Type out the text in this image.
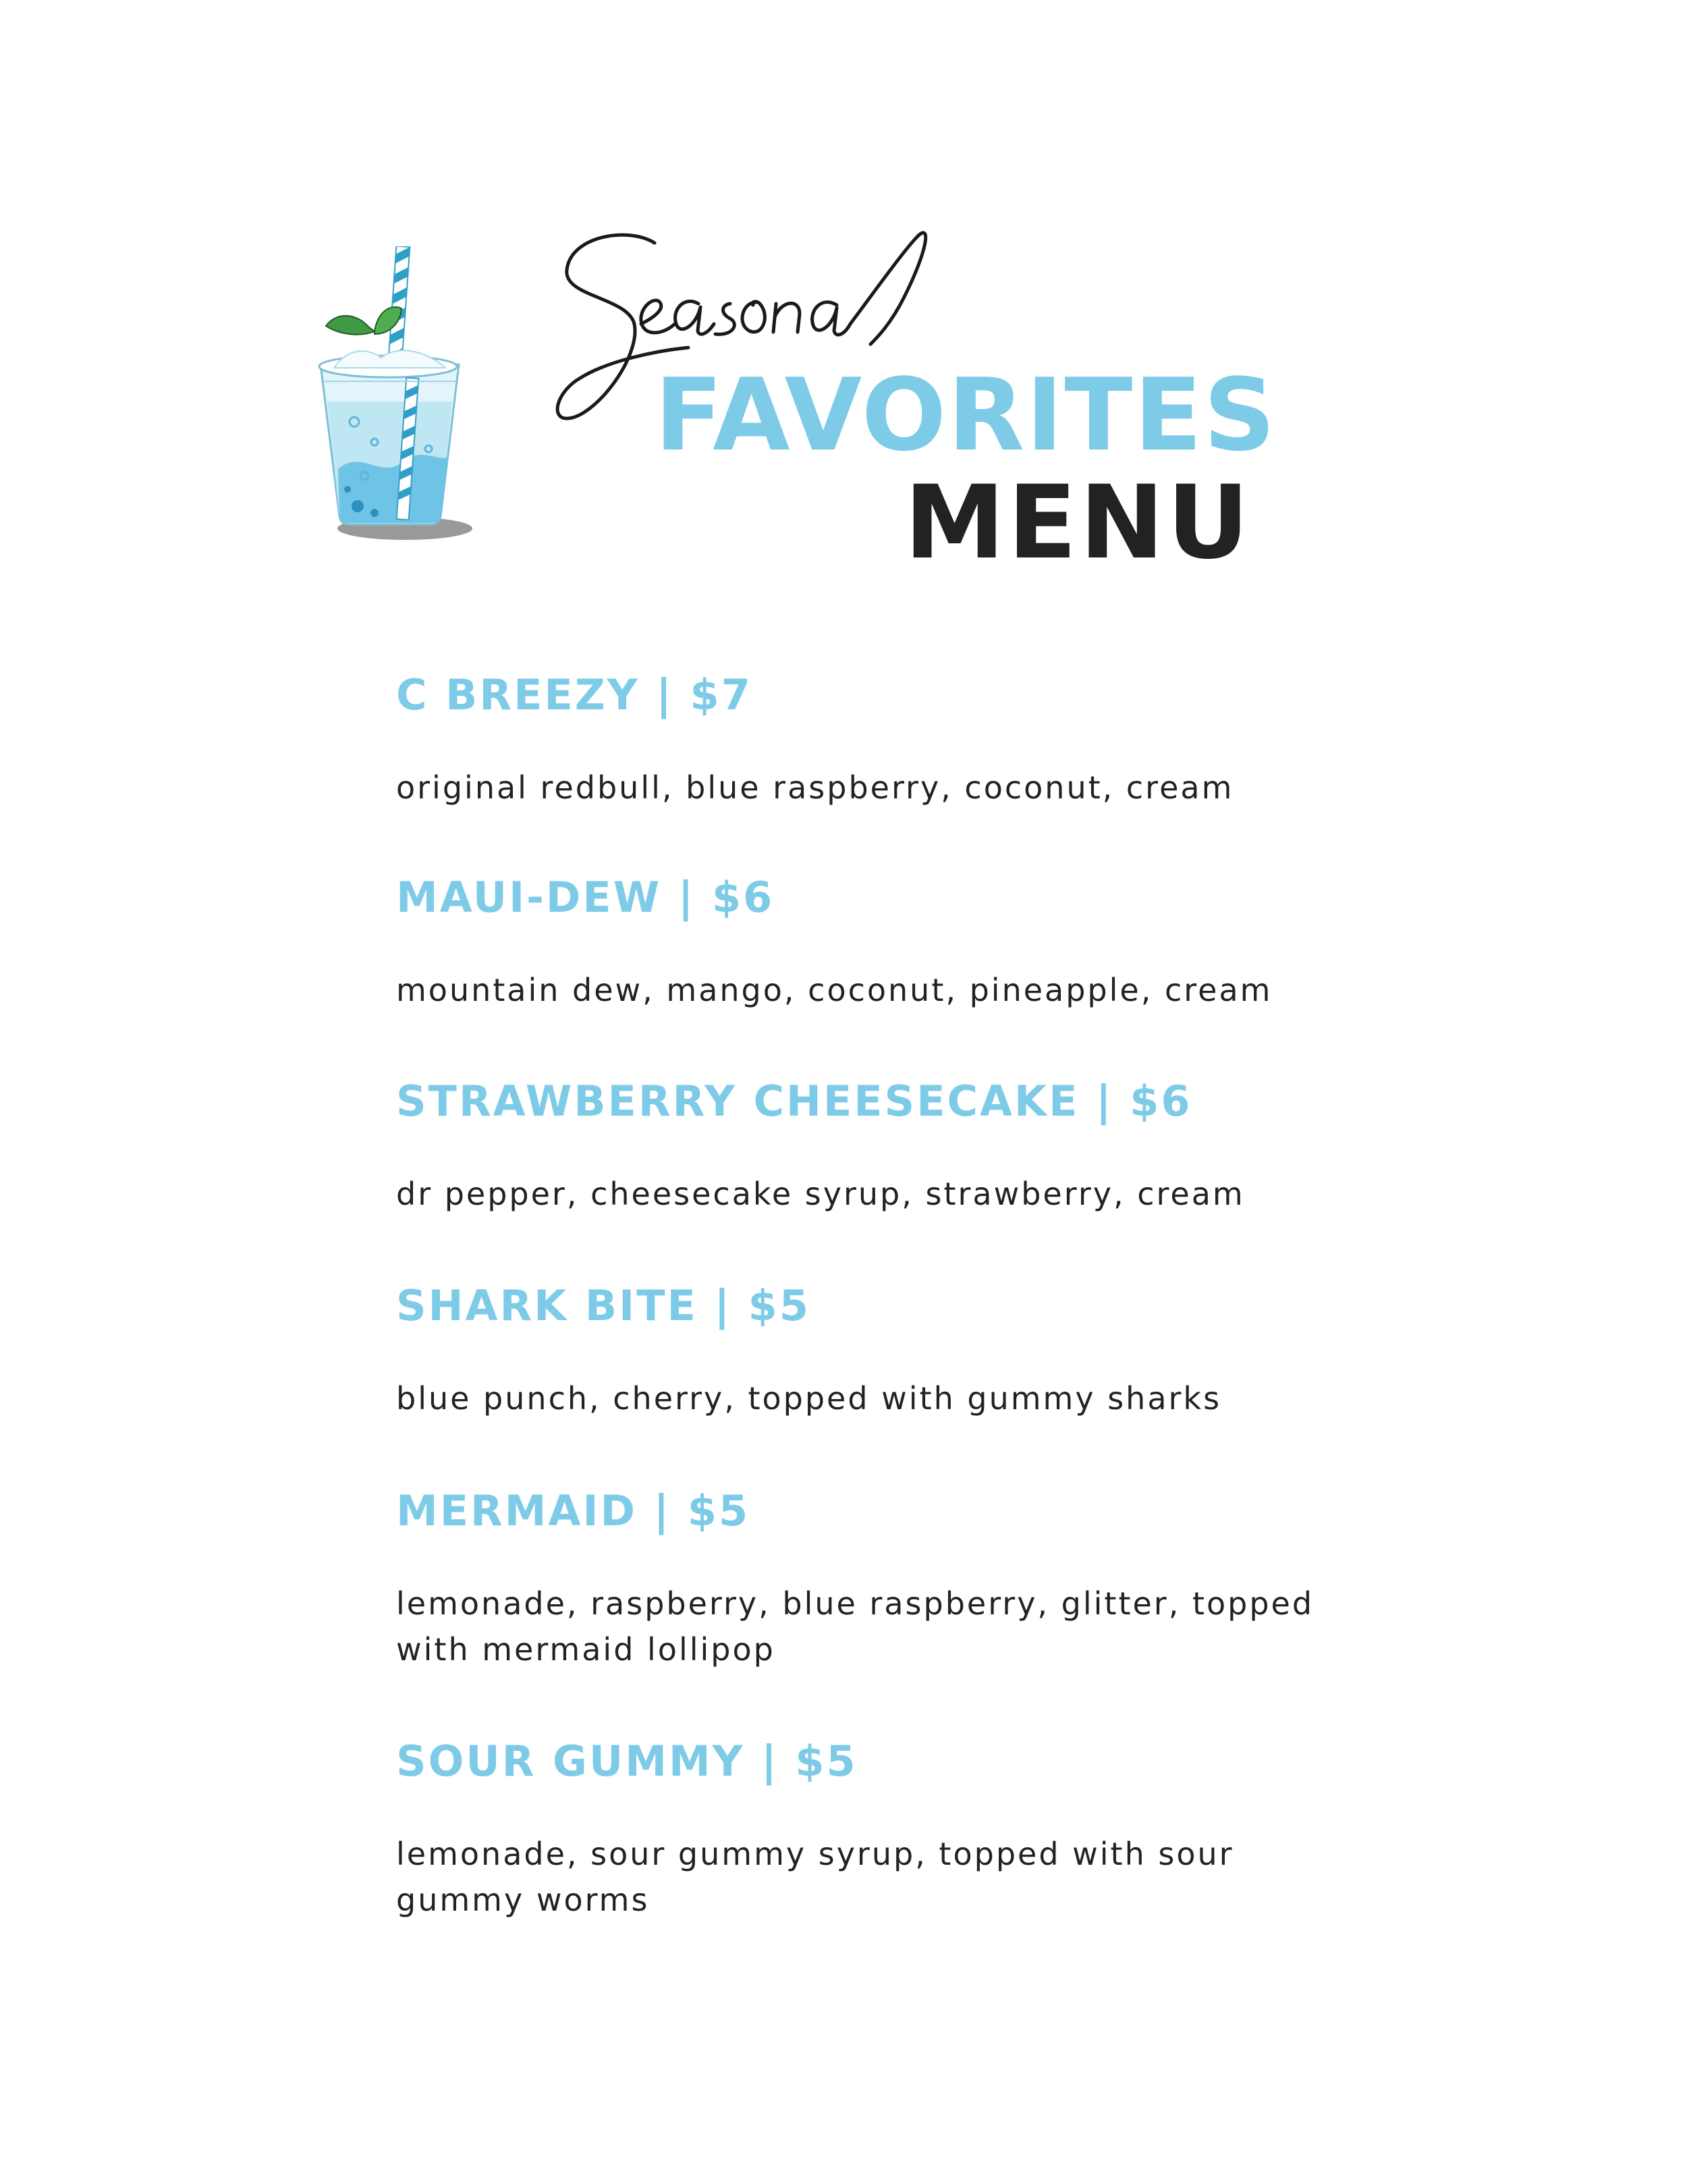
FAVORITES

MENU

C BREEZY | $7

original redbull, blue raspberry, coconut, cream

MAUI-DEW | $6

mountain dew, mango, coconut, pineapple, cream

STRAWBERRY CHEESECAKE | $6

dr pepper, cheesecake syrup, strawberry, cream

SHARK BITE | $5

blue punch, cherry, topped with gummy sharks

MERMAID | $5

lemonade, raspberry, blue raspberry, glitter, topped with mermaid lollipop

SOUR GUMMY | $5

lemonade, sour gummy syrup, topped with sour gummy worms
